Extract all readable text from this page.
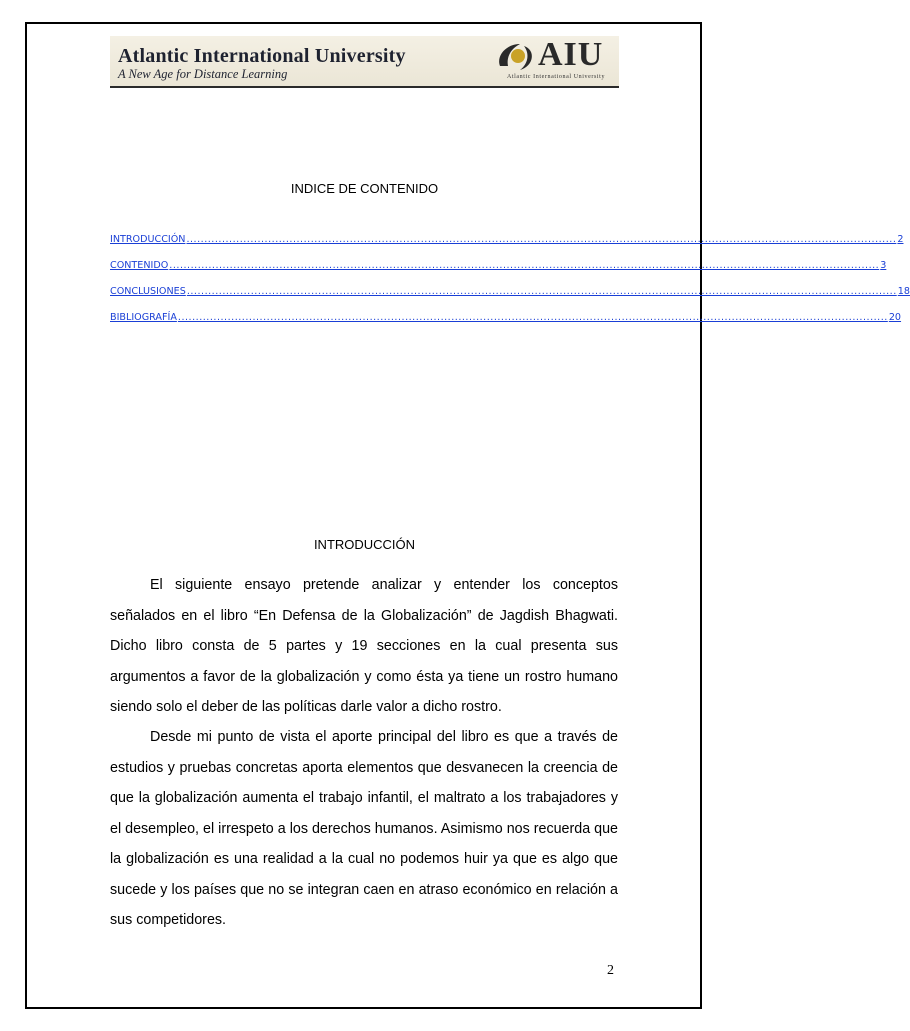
Atlantic International University
A New Age for Distance Learning
AIU
Atlantic International University
INDICE DE CONTENIDO
INTRODUCCIÓN ........................................................................................................................................................................................................ 2
CONTENIDO ........................................................................................................................................................................................................ 3
CONCLUSIONES ........................................................................................................................................................................................................ 18
BIBLIOGRAFÍA ........................................................................................................................................................................................................ 20
INTRODUCCIÓN

El siguiente ensayo pretende analizar y entender los conceptos señalados en el libro “En Defensa de la Globalización” de Jagdish Bhagwati. Dicho libro consta de 5 partes y 19 secciones en la cual presenta sus argumentos a favor de la globalización y como ésta ya tiene un rostro humano siendo solo el deber de las políticas darle valor a dicho rostro.

Desde mi punto de vista el aporte principal del libro es que a través de estudios y pruebas concretas aporta elementos que desvanecen la creencia de que la globalización aumenta el trabajo infantil, el maltrato a los trabajadores y el desempleo, el irrespeto a los derechos humanos. Asimismo nos recuerda que la globalización es una realidad a la cual no podemos huir ya que es algo que sucede y los países que no se integran caen en atraso económico en relación a sus competidores.

2
